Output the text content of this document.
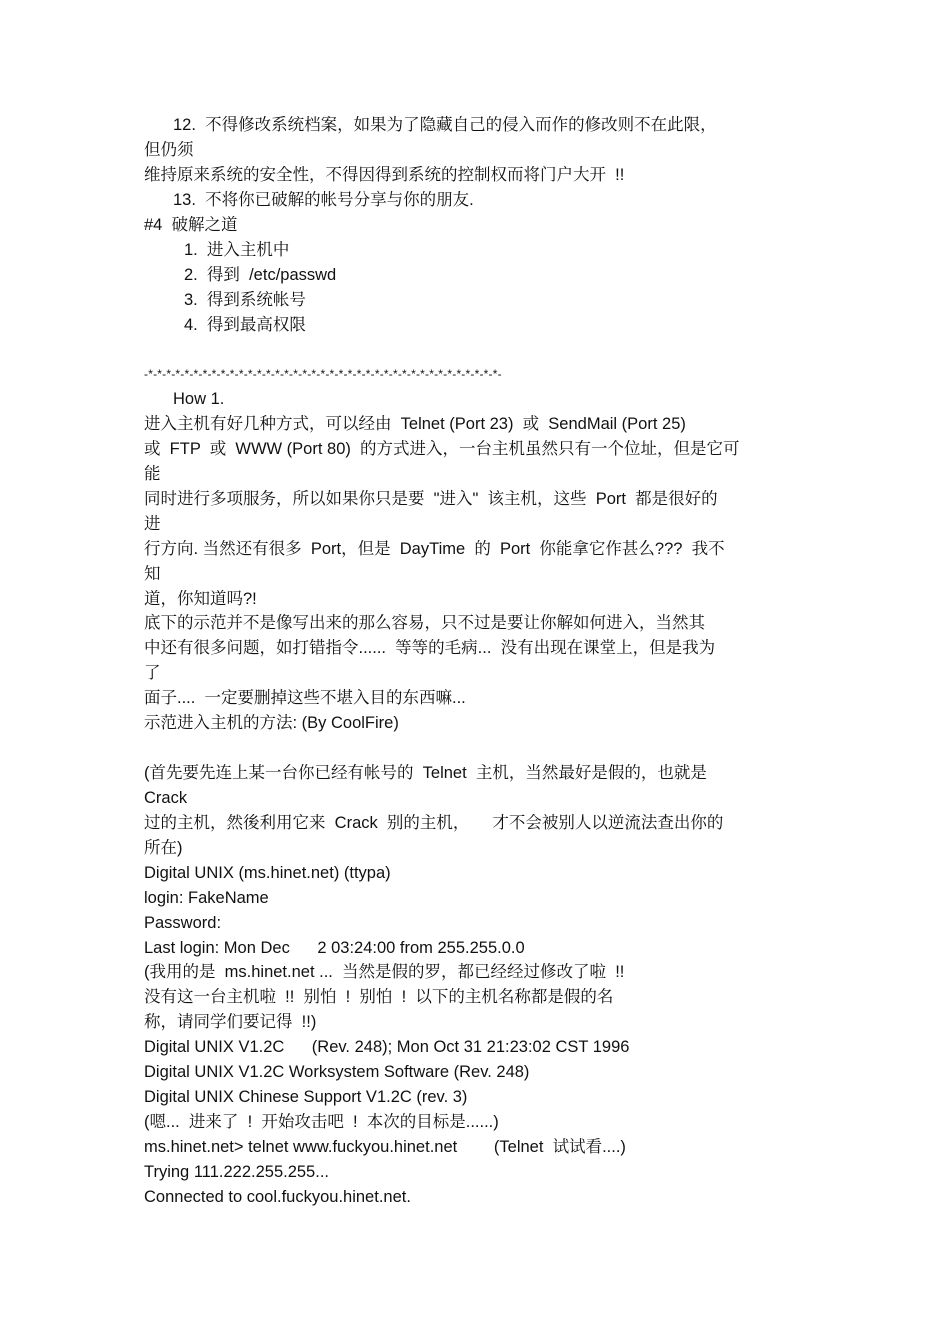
12.  不得修改系统档案，如果为了隐藏自己的侵入而作的修改则不在此限，
但仍须
维持原来系统的安全性，不得因得到系统的控制权而将门户大开  !!
13.  不将你已破解的帐号分享与你的朋友.
#4  破解之道
1.  进入主机中
2.  得到  /etc/passwd
3.  得到系统帐号
4.  得到最高权限
-*-*-*-*-*-*-*-*-*-*-*-*-*-*-*-*-*-*-*-*-*-*-*-*-*-*-*-*-*-*-*-*-*-*-*-*-*-*-*-
How 1.
进入主机有好几种方式，可以经由  Telnet (Port 23)  或  SendMail (Port 25)
或  FTP  或  WWW (Port 80)  的方式进入，一台主机虽然只有一个位址，但是它可
能
同时进行多项服务，所以如果你只是要  "进入"  该主机，这些  Port  都是很好的
进
行方向. 当然还有很多  Port，但是  DayTime  的  Port  你能拿它作甚么???  我不
知
道，你知道吗?!
底下的示范并不是像写出来的那么容易，只不过是要让你解如何进入，当然其
中还有很多问题，如打错指令......  等等的毛病...  没有出现在课堂上，但是我为
了
面子....  一定要删掉这些不堪入目的东西嘛...
示范进入主机的方法: (By CoolFire)
(首先要先连上某一台你已经有帐号的  Telnet  主机，当然最好是假的，也就是
Crack
过的主机，然後利用它来  Crack  别的主机，     才不会被别人以逆流法查出你的
所在)
Digital UNIX (ms.hinet.net) (ttypa)
login: FakeName
Password:
Last login: Mon Dec      2 03:24:00 from 255.255.0.0
(我用的是  ms.hinet.net ...  当然是假的罗，都已经经过修改了啦  !!
没有这一台主机啦  !!  别怕  !  别怕  !  以下的主机名称都是假的名
称，请同学们要记得  !!)
Digital UNIX V1.2C      (Rev. 248); Mon Oct 31 21:23:02 CST 1996
Digital UNIX V1.2C Worksystem Software (Rev. 248)
Digital UNIX Chinese Support V1.2C (rev. 3)
(嗯...  进来了  !  开始攻击吧  !  本次的目标是......)
ms.hinet.net> telnet www.fuckyou.hinet.net        (Telnet  试试看....)
Trying 111.222.255.255...
Connected to cool.fuckyou.hinet.net.
